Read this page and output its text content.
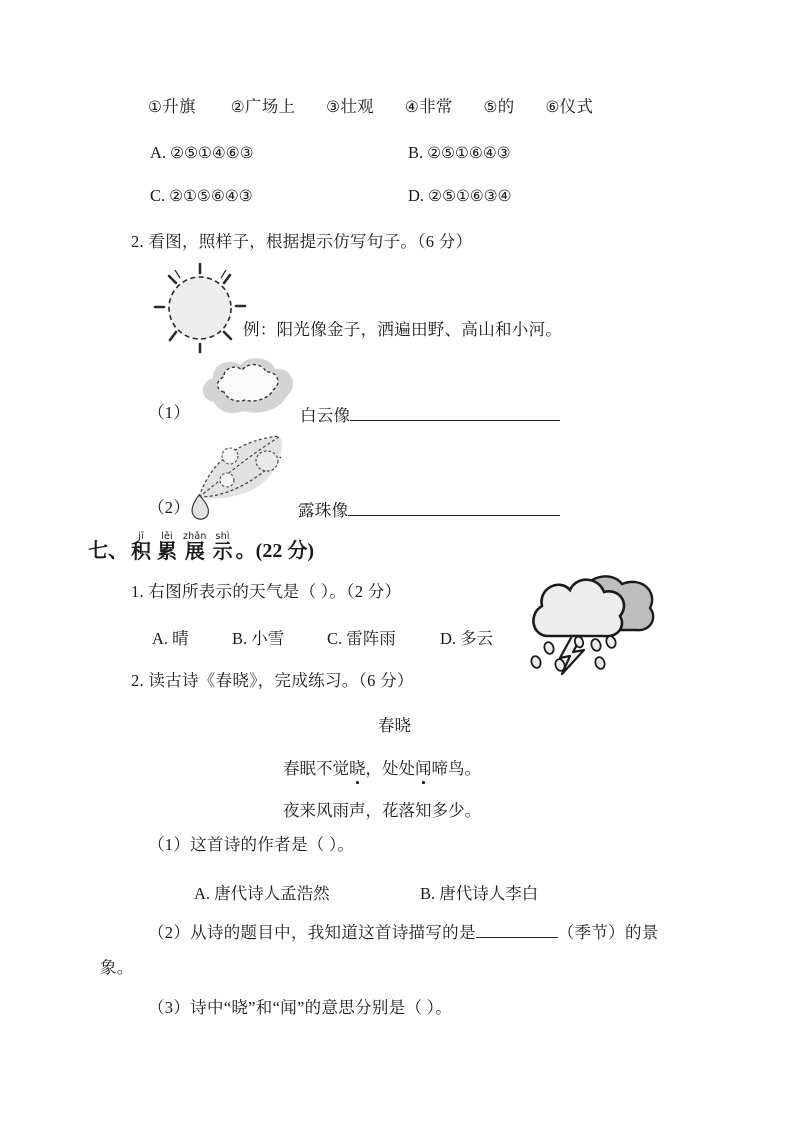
①升旗 ②广场上 ③壮观 ④非常 ⑤的 ⑥仪式
A. ②⑤①④⑥③	B. ②⑤①⑥④③
C. ②①⑤⑥④③	D. ②⑤①⑥③④
2. 看图，照样子，根据提示仿写句子。（6 分）
例：阳光像金子，洒遍田野、高山和小河。
（1）	白云像
（2）	露珠像
七、
jī
积
lěi
累
zhǎn
展
shì
示 。(22 分)
1. 右图所表示的天气是（ ）。（2 分）
A. 晴	B. 小雪	C. 雷阵雨	D. 多云
2. 读古诗《春晓》，完成练习。（6 分）
春晓
春眠不觉晓，处处闻啼鸟。
夜来风雨声，花落知多少。
（1）这首诗的作者是（ ）。
A. 唐代诗人孟浩然	B. 唐代诗人李白
（2）从诗的题目中，我知道这首诗描写的是	（季节）的景
象。
（3）诗中“晓”和“闻”的意思分别是（ ）。
